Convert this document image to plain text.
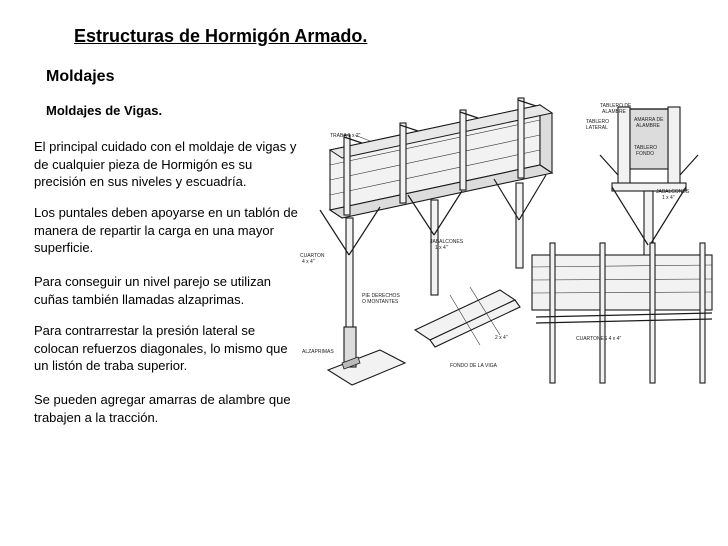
Estructuras de Hormigón Armado.
Moldajes
Moldajes de Vigas.
El principal cuidado con el moldaje de vigas y de cualquier pieza de Hormigón es su precisión en sus niveles y escuadría.
Los puntales deben apoyarse en un tablón de manera de repartir la carga en una mayor superficie.
Para conseguir un nivel parejo se utilizan cuñas también llamadas alzaprimas.
Para contrarrestar la presión lateral se colocan refuerzos diagonales, lo mismo que un listón de traba superior.
Se pueden agregar amarras de alambre que trabajen a la tracción.
TRABA 1 x 2"
JABALCONES
1 x 4"
CUARTON
4 x 4"
PIE DERECHOS
O MONTANTES
ALZAPRIMAS
FONDO DE LA VIGA
2 x 4"
TABLERO DE
ALAMBRE
TABLERO
LATERAL
AMARRA DE
ALAMBRE
TABLERO
FONDO
JABALCONES
1 x 4"
CUARTONES 4 x 4"
